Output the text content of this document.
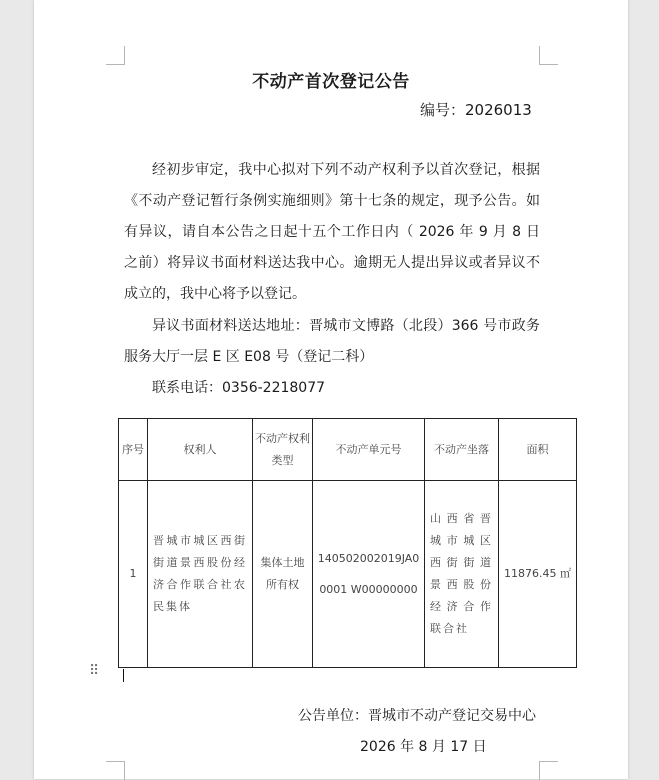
不动产首次登记公告
编号：2026013
经初步审定，我中心拟对下列不动产权利予以首次登记，根据《不动产登记暂行条例实施细则》第十七条的规定，现予公告。如有异议，请自本公告之日起十五个工作日内（ 2026 年 9 月 8 日之前）将异议书面材料送达我中心。逾期无人提出异议或者异议不成立的，我中心将予以登记。
异议书面材料送达地址：晋城市文博路（北段）366 号市政务服务大厅一层 E 区 E08 号（登记二科）
联系电话：0356-2218077
序号	权利人	不动产权利类型	不动产单元号	不动产坐落	面积
1	晋城市城区西街街道景西股份经济合作联合社农民集体	集体土地所有权	140502002019JA00001 W00000000	山西省晋城市城区西街街道景西股份经济合作联合社	11876.45 ㎡
⠿
公告单位：晋城市不动产登记交易中心
2026 年 8 月 17 日
